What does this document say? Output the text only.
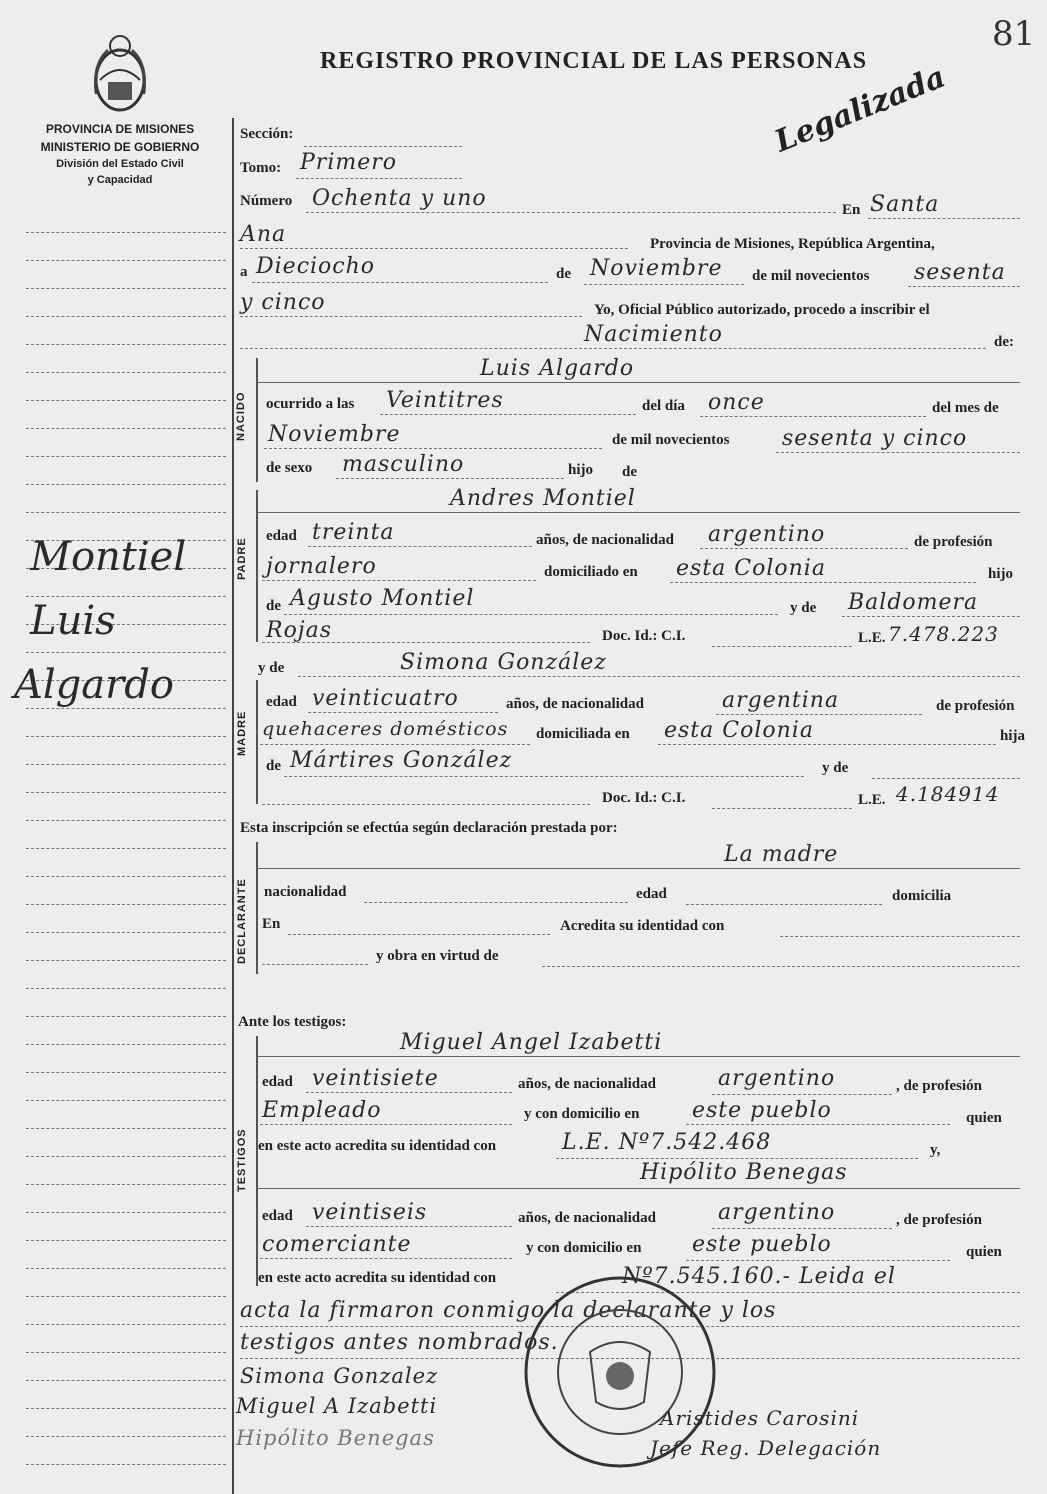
81
REGISTRO PROVINCIAL DE LAS PERSONAS
Legalizada
PROVINCIA DE MISIONES
MINISTERIO DE GOBIERNO
División del Estado Civil
y Capacidad
Montiel
Luis
Algardo
Sección:
Tomo: Primero
Número Ochenta y uno	En Santa
Ana	Provincia de Misiones, República Argentina,
a Dieciocho	de Noviembre de mil novecientos sesenta
y cinco	Yo, Oficial Público autorizado, procedo a inscribir el
Nacimiento	de:
NACIDO
Luis Algardo
ocurrido a las Veintitres	del día once	del mes de
Noviembre	de mil novecientos sesenta y cinco
de sexo masculino	hijo de
PADRE
Andres Montiel
edad treinta	años, de nacionalidad argentino	de profesión
jornalero	domiciliado en esta Colonia	hijo
de Agusto Montiel	y de Baldomera
Rojas	Doc. Id.: C.I.	L.E. 7.478.223
y de	Simona González
MADRE
edad veinticuatro	años, de nacionalidad	argentina	de profesión
quehaceres domésticos domiciliada en esta Colonia	hija
de Mártires González	y de
Doc. Id.: C.I.	L.E. 4.184914
Esta inscripción se efectúa según declaración prestada por:
La madre
DECLARANTE nacionalidad	edad	domicilia
En	Acredita su identidad con
y obra en virtud de
Ante los testigos:
Miguel Angel Izabetti
TESTIGOS
edad veintisiete	años, de nacionalidad	argentino	, de profesión
Empleado	y con domicilio en este pueblo	quien
en este acto acredita su identidad con	L.E. Nº7.542.468	y,
Hipólito Benegas
edad veintiseis	años, de nacionalidad	argentino	, de profesión
comerciante	y con domicilio en este pueblo	quien
en este acto acredita su identidad con	Nº7.545.160.- Leida el
acta la firmaron conmigo la declarante y los
testigos antes nombrados.
Simona Gonzalez
Miguel A Izabetti
Hipólito Benegas
Aristides Carosini
Jefe Reg. Delegación
